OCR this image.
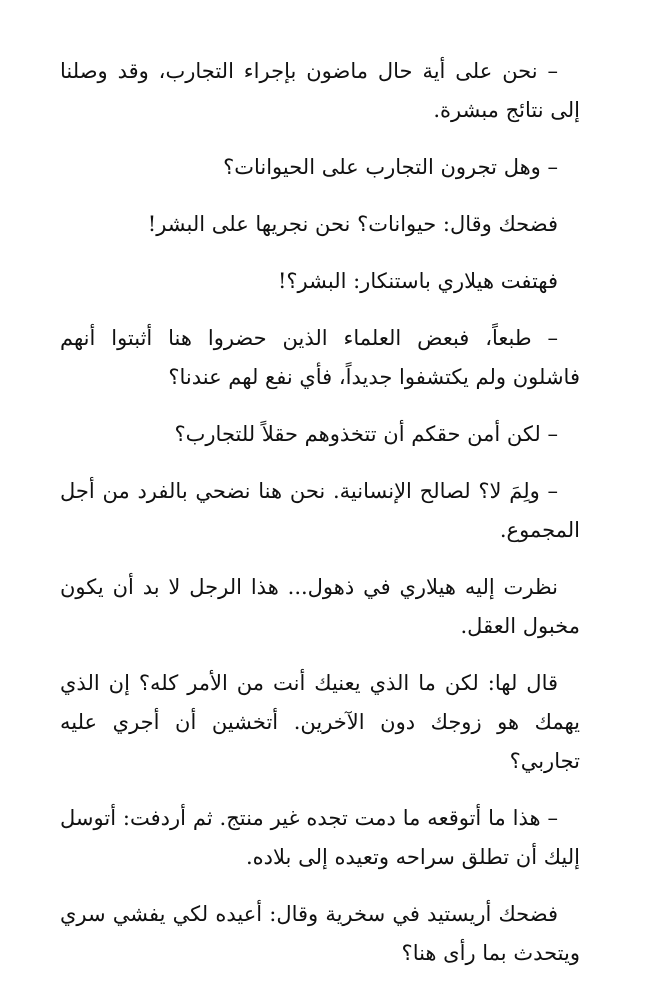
– نحن على أية حال ماضون بإجراء التجارب، وقد وصلنا إلى نتائج مبشرة.

– وهل تجرون التجارب على الحيوانات؟

فضحك وقال: حيوانات؟ نحن نجريها على البشر!

فهتفت هيلاري باستنكار: البشر؟!

– طبعاً، فبعض العلماء الذين حضروا هنا أثبتوا أنهم فاشلون ولم يكتشفوا جديداً، فأي نفع لهم عندنا؟

– لكن أمن حقكم أن تتخذوهم حقلاً للتجارب؟

– ولِمَ لا؟ لصالح الإنسانية. نحن هنا نضحي بالفرد من أجل المجموع.

نظرت إليه هيلاري في ذهول... هذا الرجل لا بد أن يكون مخبول العقل.

قال لها: لكن ما الذي يعنيك أنت من الأمر كله؟ إن الذي يهمك هو زوجك دون الآخرين. أتخشين أن أجري عليه تجاربي؟

– هذا ما أتوقعه ما دمت تجده غير منتج. ثم أردفت: أتوسل إليك أن تطلق سراحه وتعيده إلى بلاده.

فضحك أريستيد في سخرية وقال: أعيده لكي يفشي سري ويتحدث بما رأى هنا؟
